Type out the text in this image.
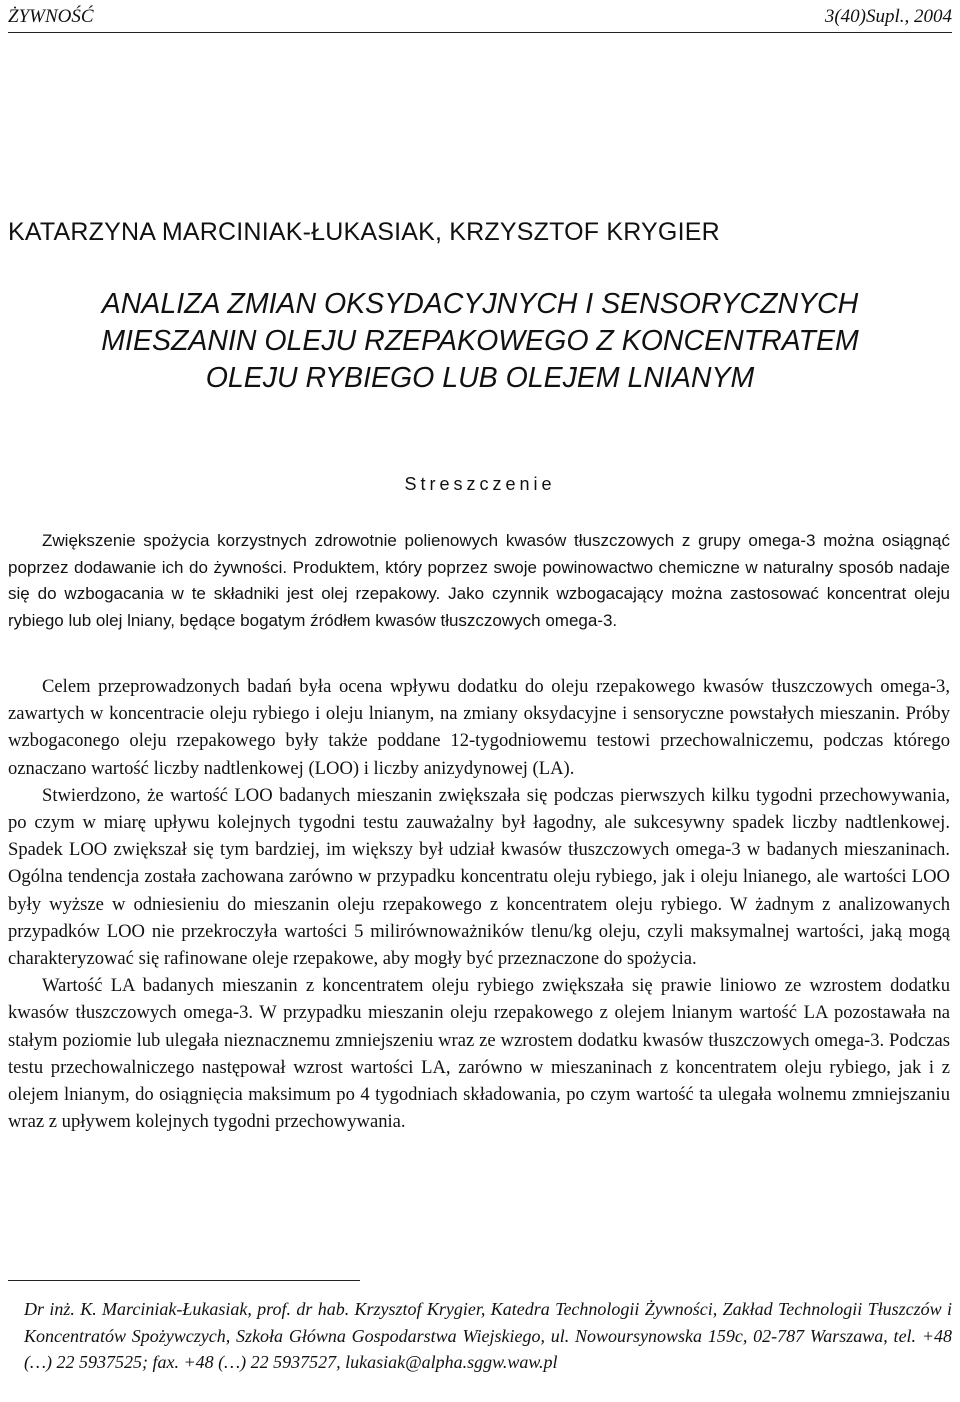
ŻYWNOŚĆ	3(40)Supl., 2004
KATARZYNA MARCINIAK-ŁUKASIAK, KRZYSZTOF KRYGIER
ANALIZA ZMIAN OKSYDACYJNYCH I SENSORYCZNYCH
MIESZANIN OLEJU RZEPAKOWEGO Z KONCENTRATEM
OLEJU RYBIEGO LUB OLEJEM LNIANYM
Streszczenie

Zwiększenie spożycia korzystnych zdrowotnie polienowych kwasów tłuszczowych z grupy omega-3 można osiągnąć poprzez dodawanie ich do żywności. Produktem, który poprzez swoje powinowactwo chemiczne w naturalny sposób nadaje się do wzbogacania w te składniki jest olej rzepakowy. Jako czynnik wzbogacający można zastosować koncentrat oleju rybiego lub olej lniany, będące bogatym źródłem kwasów tłuszczowych omega-3.

Celem przeprowadzonych badań była ocena wpływu dodatku do oleju rzepakowego kwasów tłuszczowych omega-3, zawartych w koncentracie oleju rybiego i oleju lnianym, na zmiany oksydacyjne i sensoryczne powstałych mieszanin. Próby wzbogaconego oleju rzepakowego były także poddane 12-tygodniowemu testowi przechowalniczemu, podczas którego oznaczano wartość liczby nadtlenkowej (LOO) i liczby anizydynowej (LA).

Stwierdzono, że wartość LOO badanych mieszanin zwiększała się podczas pierwszych kilku tygodni przechowywania, po czym w miarę upływu kolejnych tygodni testu zauważalny był łagodny, ale sukcesywny spadek liczby nadtlenkowej. Spadek LOO zwiększał się tym bardziej, im większy był udział kwasów tłuszczowych omega-3 w badanych mieszaninach. Ogólna tendencja została zachowana zarówno w przypadku koncentratu oleju rybiego, jak i oleju lnianego, ale wartości LOO były wyższe w odniesieniu do mieszanin oleju rzepakowego z koncentratem oleju rybiego. W żadnym z analizowanych przypadków LOO nie przekroczyła wartości 5 milirównoważników tlenu/kg oleju, czyli maksymalnej wartości, jaką mogą charakteryzować się rafinowane oleje rzepakowe, aby mogły być przeznaczone do spożycia.

Wartość LA badanych mieszanin z koncentratem oleju rybiego zwiększała się prawie liniowo ze wzrostem dodatku kwasów tłuszczowych omega-3. W przypadku mieszanin oleju rzepakowego z olejem lnianym wartość LA pozostawała na stałym poziomie lub ulegała nieznacznemu zmniejszeniu wraz ze wzrostem dodatku kwasów tłuszczowych omega-3. Podczas testu przechowalniczego następował wzrost wartości LA, zarówno w mieszaninach z koncentratem oleju rybiego, jak i z olejem lnianym, do osiągnięcia maksimum po 4 tygodniach składowania, po czym wartość ta ulegała wolnemu zmniejszaniu wraz z upływem kolejnych tygodni przechowywania.

Dr inż. K. Marciniak-Łukasiak, prof. dr hab. Krzysztof Krygier, Katedra Technologii Żywności, Zakład Technologii Tłuszczów i Koncentratów Spożywczych, Szkoła Główna Gospodarstwa Wiejskiego, ul. Nowoursynowska 159c, 02-787 Warszawa, tel. +48 (…) 22 5937525; fax. +48 (…) 22 5937527, lukasiak@alpha.sggw.waw.pl
